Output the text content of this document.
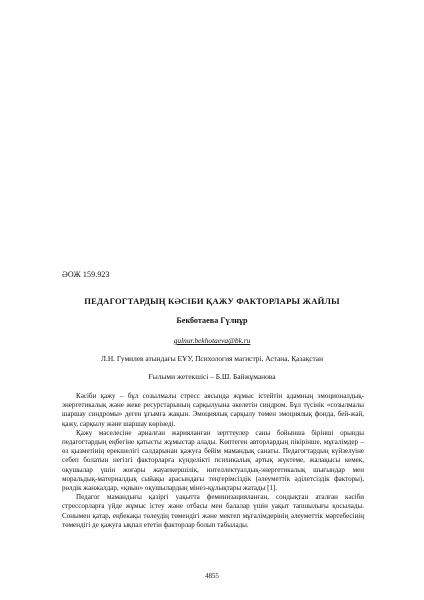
ӘОЖ 159.923
ПЕДАГОГТАРДЫҢ КӘСІБИ ҚАЖУ ФАКТОРЛАРЫ ЖАЙЛЫ
Бекботаева Гүлнұр
gulnur.bekhotaeva@bk.ru
Л.Н. Гумилев атындағы ЕҰУ, Психология магистрі, Астана, Қазақстан
Ғылыми жетекшісі – Б.Ш. Байжұманова

Кәсіби қажу – бұл созылмалы стресс аясында жұмыс істейтін адамның эмоционалдық-энергетикалық және жеке ресурстарының сарқылуына әкелетін синдром. Бұл түсінік «созылмалы шаршау синдромы» деген ұғымға жақын. Эмоциялық сарқылу төмен эмоциялық фонда, бей-жай, қажу, сарқылу және шаршау көрінеді.

Қажу мәселесіне арналған жарияланған зерттеулер саны бойынша бірінші орынды педагогтардың еңбегіне қатысты жұмыстар алады. Көптеген авторлардың пікірінше, мұғалімдер – өз қызметінің ерекшелігі салдарынан қажуға бейім мамандық санаты. Педагогтардың күйзелуіне себеп болатын негізгі факторларға күнделікті психикалық артық жүктеме, жалақысы кемек, оқушылар үшін жоғары жауапкершілік, интеллектуалдық-энергетикалық шығындар мен моральдық-материалдық сыйақы арасындағы теңгерімсіздік (әлеуметтік әділетсіздік факторы), рөлдік жанжалдар, «қиын» оқушылардың мінез-құлықтары жатады [1].

Педагог мамандығы қазіргі уақытта феминизацияланған, сондықтан аталған кәсіби стрессорларға үйде жұмыс істеу және отбасы мен балалар үшін уақыт тапшылығы қосылады. Сонымен қатар, еңбекақы төлеудің төмендігі және мектеп мұғалімдерінің әлеуметтік мәртебесінің төмендігі де қажуға ықпал ететін факторлар болып табылады.

4855
